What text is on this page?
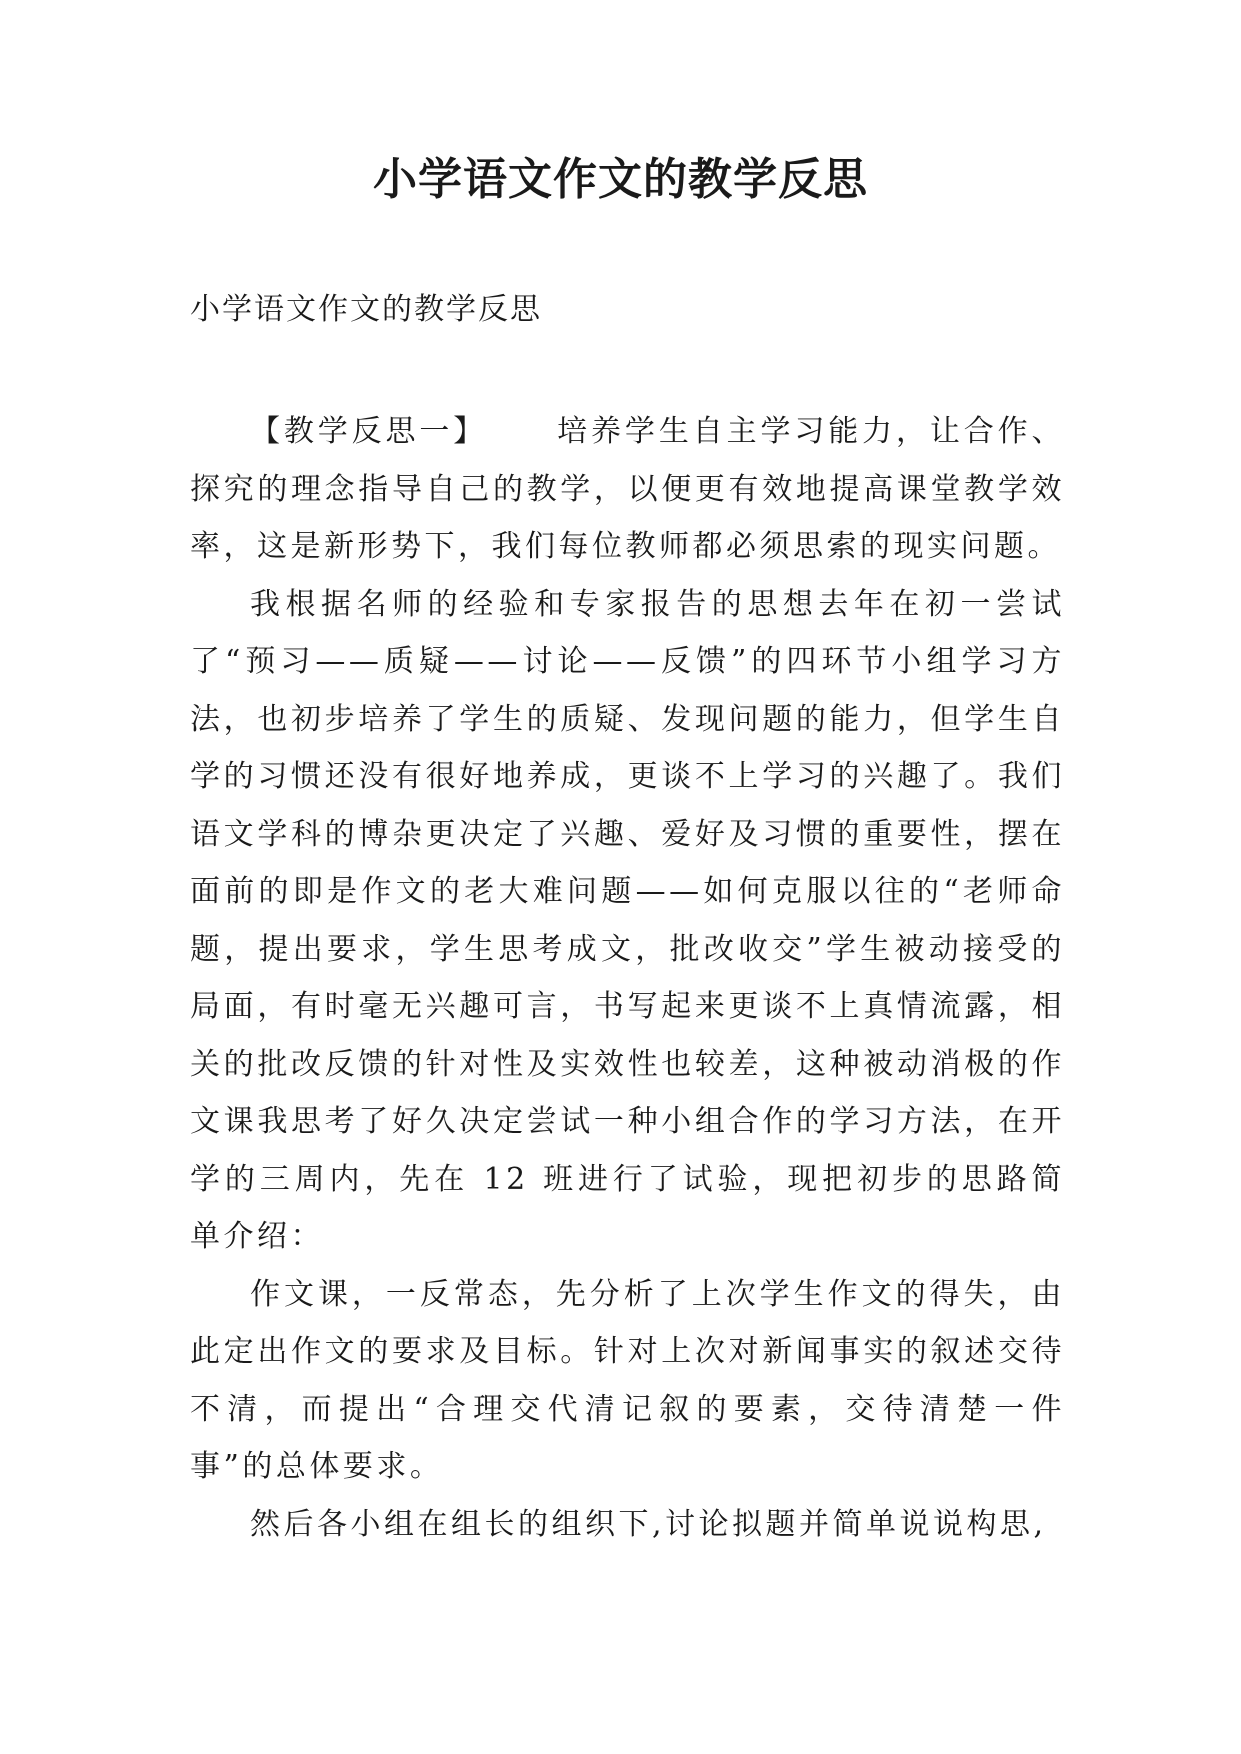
小学语文作文的教学反思

小学语文作文的教学反思

【教学反思一】 培养学生自主学习能力，让合作、探究的理念指导自己的教学，以便更有效地提高课堂教学效率，这是新形势下，我们每位教师都必须思索的现实问题。

我根据名师的经验和专家报告的思想去年在初一尝试了“预习——质疑——讨论——反馈”的四环节小组学习方法，也初步培养了学生的质疑、发现问题的能力，但学生自学的习惯还没有很好地养成，更谈不上学习的兴趣了。我们语文学科的博杂更决定了兴趣、爱好及习惯的重要性，摆在面前的即是作文的老大难问题——如何克服以往的“老师命题，提出要求，学生思考成文，批改收交”学生被动接受的局面，有时毫无兴趣可言，书写起来更谈不上真情流露，相关的批改反馈的针对性及实效性也较差，这种被动消极的作文课我思考了好久决定尝试一种小组合作的学习方法，在开学的三周内，先在 12 班进行了试验，现把初步的思路简单介绍：

作文课，一反常态，先分析了上次学生作文的得失，由此定出作文的要求及目标。针对上次对新闻事实的叙述交待不清，而提出“合理交代清记叙的要素，交待清楚一件事”的总体要求。

然后各小组在组长的组织下,讨论拟题并简单说说构思,
